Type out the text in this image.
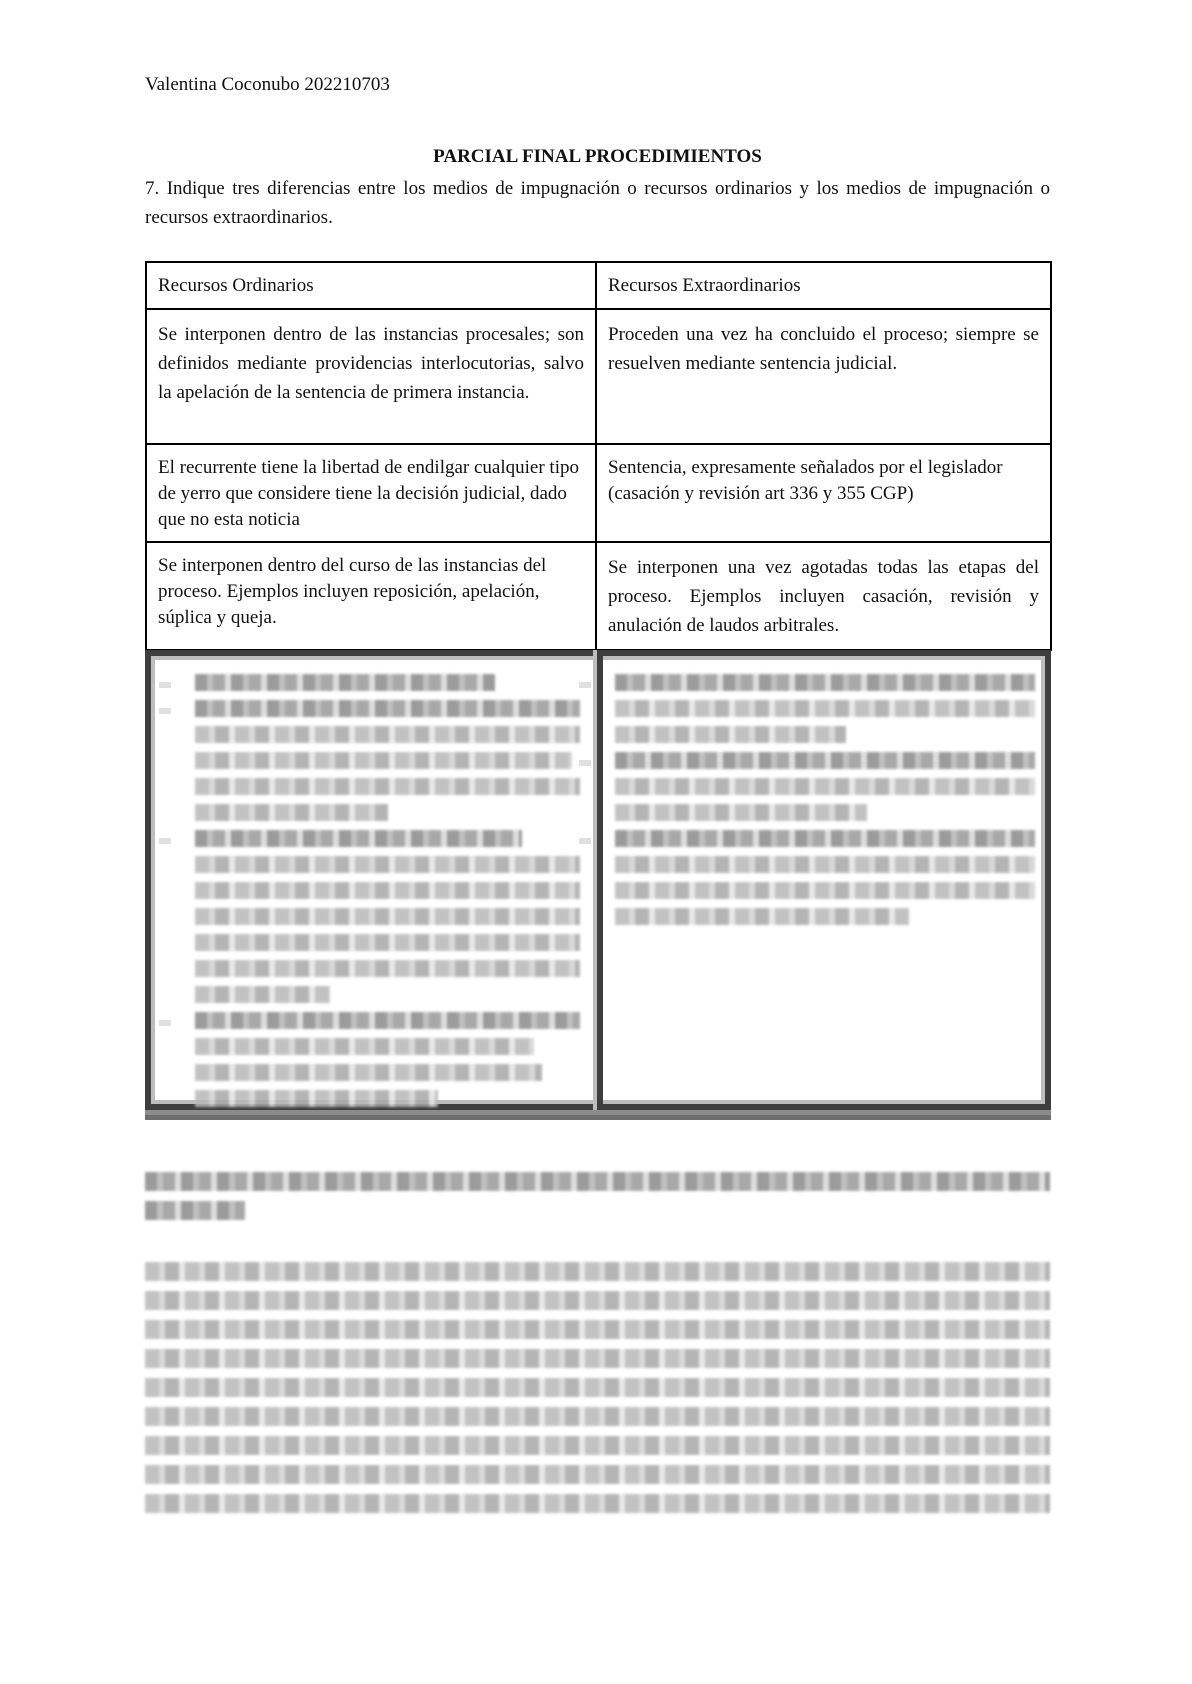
Valentina Coconubo 202210703
PARCIAL FINAL PROCEDIMIENTOS
7. Indique tres diferencias entre los medios de impugnación o recursos ordinarios y los medios de impugnación o recursos extraordinarios.
Recursos Ordinarios	Recursos Extraordinarios
Se interponen dentro de las instancias procesales; son definidos mediante providencias interlocutorias, salvo la apelación de la sentencia de primera instancia.	Proceden una vez ha concluido el proceso; siempre se resuelven mediante sentencia judicial.
El recurrente tiene la libertad de endilgar cualquier tipo de yerro que considere tiene la decisión judicial, dado que no esta noticia	Sentencia, expresamente señalados por el legislador (casación y revisión art 336 y 355 CGP)
Se interponen dentro del curso de las instancias del proceso. Ejemplos incluyen reposición, apelación, súplica y queja.	Se interponen una vez agotadas todas las etapas del proceso. Ejemplos incluyen casación, revisión y anulación de laudos arbitrales.
